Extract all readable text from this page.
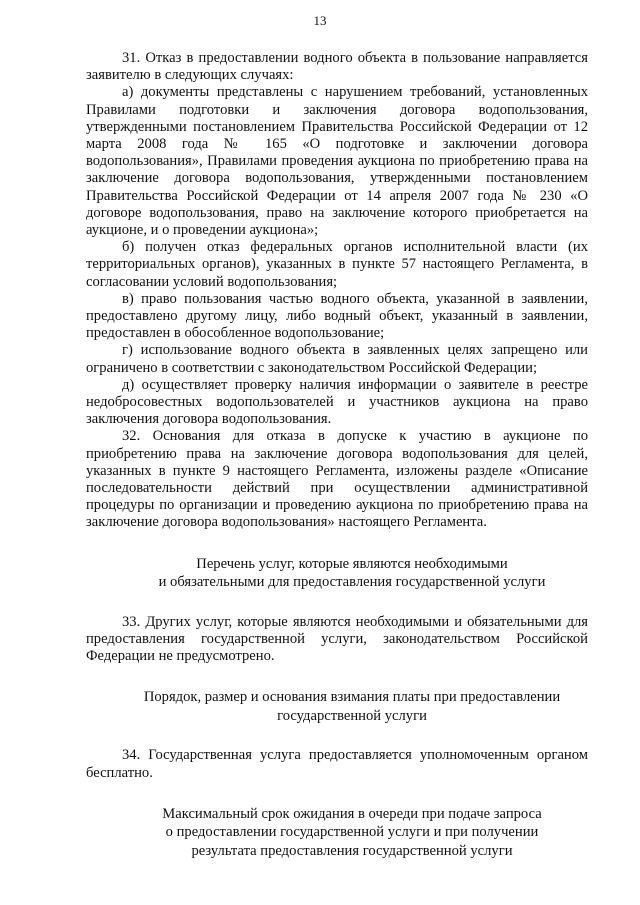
13

31. Отказ в предоставлении водного объекта в пользование направляется заявителю в следующих случаях:

а) документы представлены с нарушением требований, установленных Правилами подготовки и заключения договора водопользования, утвержденными постановлением Правительства Российской Федерации от 12 марта 2008 года № 165 «О подготовке и заключении договора водопользования», Правилами проведения аукциона по приобретению права на заключение договора водопользования, утвержденными постановлением Правительства Российской Федерации от 14 апреля 2007 года № 230 «О договоре водопользования, право на заключение которого приобретается на аукционе, и о проведении аукциона»;

б) получен отказ федеральных органов исполнительной власти (их территориальных органов), указанных в пункте 57 настоящего Регламента, в согласовании условий водопользования;

в) право пользования частью водного объекта, указанной в заявлении, предоставлено другому лицу, либо водный объект, указанный в заявлении, предоставлен в обособленное водопользование;

г) использование водного объекта в заявленных целях запрещено или ограничено в соответствии с законодательством Российской Федерации;

д) осуществляет проверку наличия информации о заявителе в реестре недобросовестных водопользователей и участников аукциона на право заключения договора водопользования.

32. Основания для отказа в допуске к участию в аукционе по приобретению права на заключение договора водопользования для целей, указанных в пункте 9 настоящего Регламента, изложены разделе «Описание последовательности действий при осуществлении административной процедуры по организации и проведению аукциона по приобретению права на заключение договора водопользования» настоящего Регламента.

Перечень услуг, которые являются необходимыми

и обязательными для предоставления государственной услуги

33. Других услуг, которые являются необходимыми и обязательными для предоставления государственной услуги, законодательством Российской Федерации не предусмотрено.

Порядок, размер и основания взимания платы при предоставлении

государственной услуги

34. Государственная услуга предоставляется уполномоченным органом бесплатно.

Максимальный срок ожидания в очереди при подаче запроса

о предоставлении государственной услуги и при получении

результата предоставления государственной услуги
